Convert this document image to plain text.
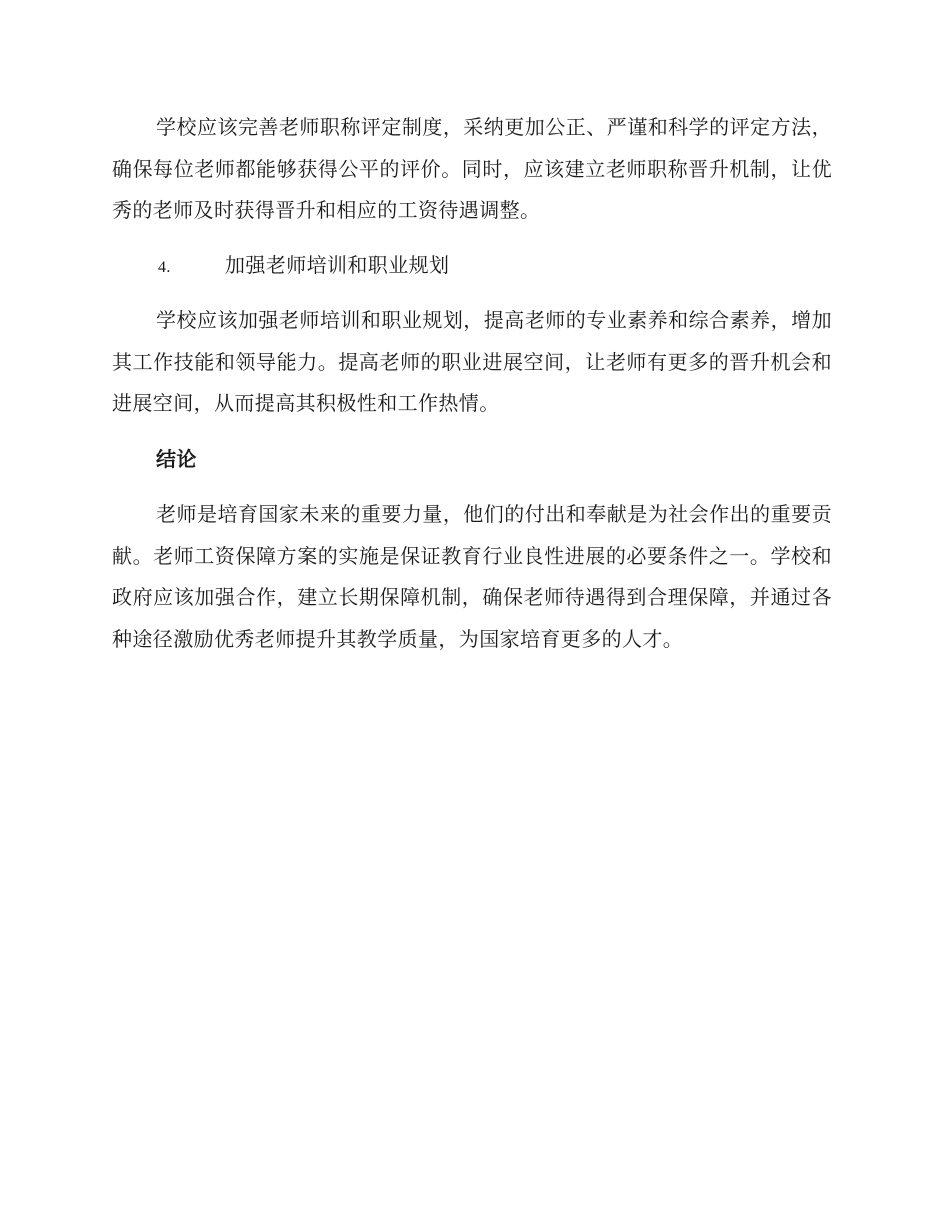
学校应该完善老师职称评定制度，采纳更加公正、严谨和科学的评定方法，确保每位老师都能够获得公平的评价。同时，应该建立老师职称晋升机制，让优秀的老师及时获得晋升和相应的工资待遇调整。

4.	加强老师培训和职业规划

学校应该加强老师培训和职业规划，提高老师的专业素养和综合素养，增加其工作技能和领导能力。提高老师的职业进展空间，让老师有更多的晋升机会和进展空间，从而提高其积极性和工作热情。

结论

老师是培育国家未来的重要力量，他们的付出和奉献是为社会作出的重要贡献。老师工资保障方案的实施是保证教育行业良性进展的必要条件之一。学校和政府应该加强合作，建立长期保障机制，确保老师待遇得到合理保障，并通过各种途径激励优秀老师提升其教学质量，为国家培育更多的人才。
